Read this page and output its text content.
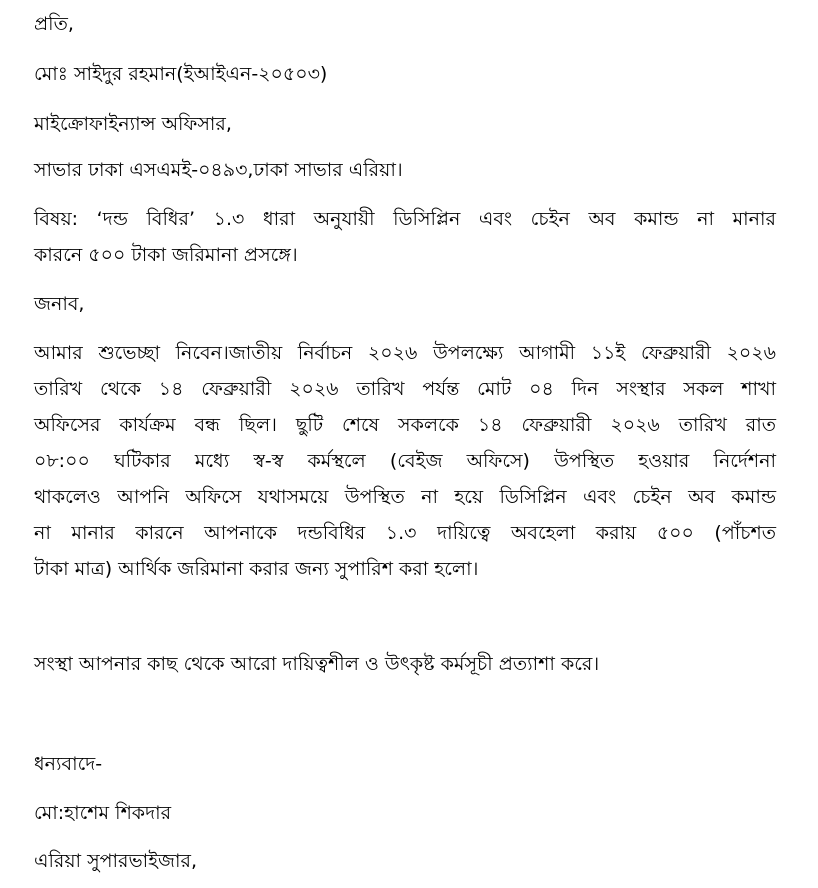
প্রতি,
মোঃ সাইদুর রহমান(ইআইএন-২০৫০৩)
মাইক্রোফাইন্যান্স অফিসার,
সাভার ঢাকা এসএমই-০৪৯৩,ঢাকা সাভার এরিয়া।
বিষয়: ‘দন্ড বিধির’ ১.৩ ধারা অনুযায়ী ডিসিপ্লিন এবং চেইন অব কমান্ড না মানার
কারনে ৫০০ টাকা জরিমানা প্রসঙ্গে।
জনাব,
আমার শুভেচ্ছা নিবেন।জাতীয় নির্বাচন ২০২৬ উপলক্ষ্যে আগামী ১১ই ফেব্রুয়ারী ২০২৬
তারিখ থেকে ১৪ ফেব্রুয়ারী ২০২৬ তারিখ পর্যন্ত মোট ০৪ দিন সংস্থার সকল শাখা
অফিসের কার্যক্রম বন্ধ ছিল। ছুটি শেষে সকলকে ১৪ ফেব্রুয়ারী ২০২৬ তারিখ রাত
০৮:০০ ঘটিকার মধ্যে স্ব-স্ব কর্মস্থলে (বেইজ অফিসে) উপস্থিত হওয়ার নির্দেশনা
থাকলেও আপনি অফিসে যথাসময়ে উপস্থিত না হয়ে ডিসিপ্লিন এবং চেইন অব কমান্ড
না মানার কারনে আপনাকে দন্ডবিধির ১.৩ দায়িত্বে অবহেলা করায় ৫০০ (পাঁচশত
টাকা মাত্র) আর্থিক জরিমানা করার জন্য সুপারিশ করা হলো।
সংস্থা আপনার কাছ থেকে আরো দায়িত্বশীল ও উৎকৃষ্ট কর্মসূচী প্রত্যাশা করে।
ধন্যবাদে-
মো:হাশেম শিকদার
এরিয়া সুপারভাইজার,
